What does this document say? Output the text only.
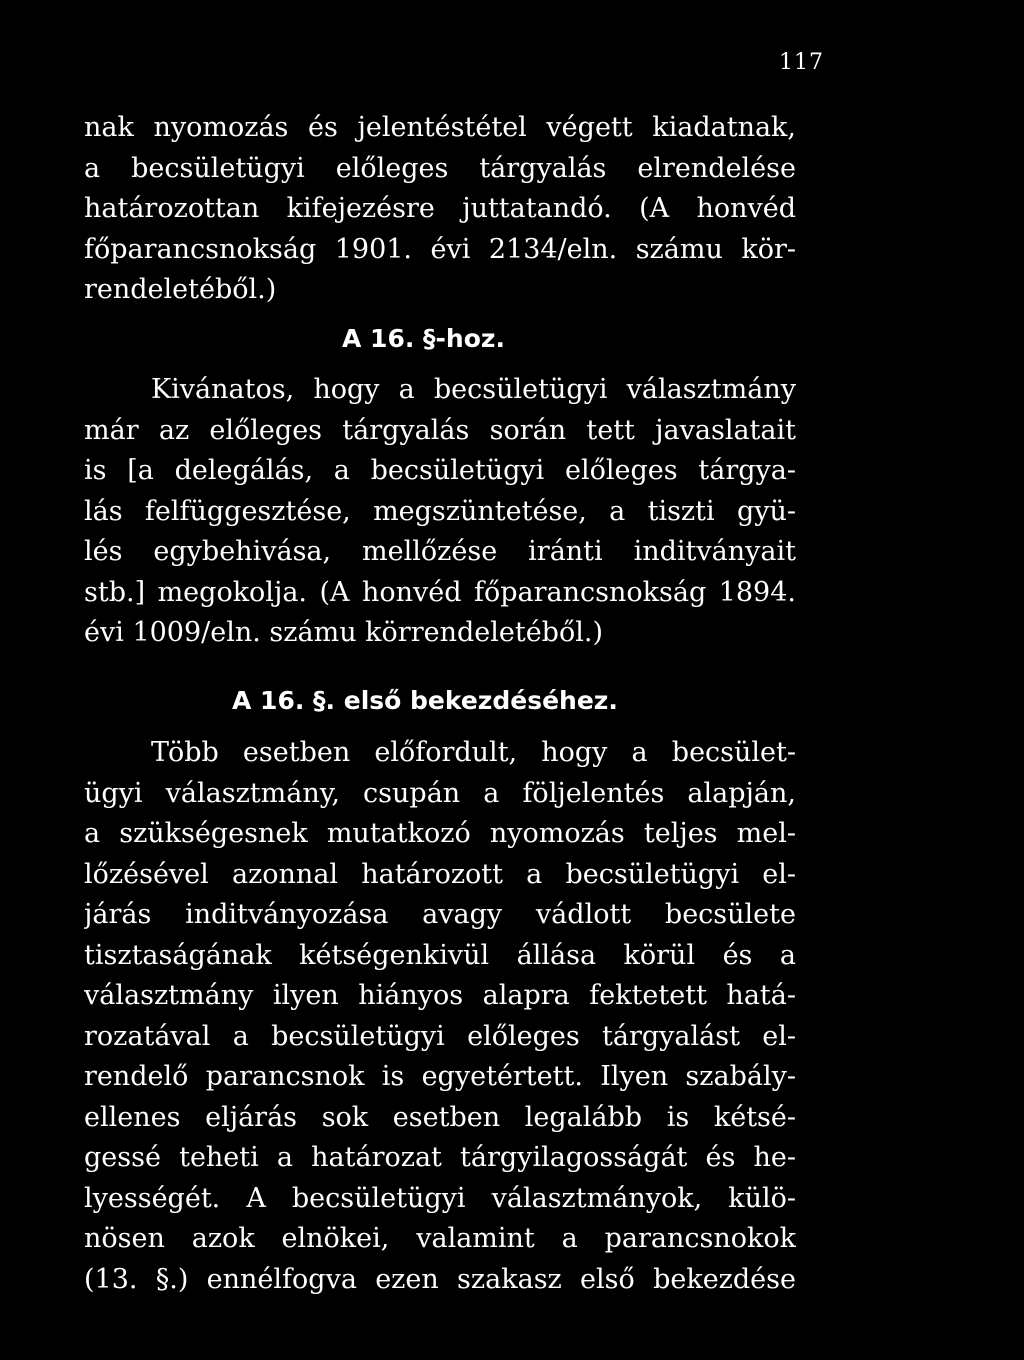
117
nak nyomozás és jelentéstétel végett kiadatnak,
a becsületügyi előleges tárgyalás elrendelése
határozottan kifejezésre juttatandó. (A honvéd
főparancsnokság 1901. évi 2134/eln. számu kör-
rendeletéből.)
A 16. §-hoz.
Kivánatos, hogy a becsületügyi választmány
már az előleges tárgyalás során tett javaslatait
is [a delegálás, a becsületügyi előleges tárgya-
lás felfüggesztése, megszüntetése, a tiszti gyü-
lés egybehivása, mellőzése iránti inditványait
stb.] megokolja. (A honvéd főparancsnokság 1894.
évi 1009/eln. számu körrendeletéből.)
A 16. §. első bekezdéséhez.
Több esetben előfordult, hogy a becsület-
ügyi választmány, csupán a följelentés alapján,
a szükségesnek mutatkozó nyomozás teljes mel-
lőzésével azonnal határozott a becsületügyi el-
járás inditványozása avagy vádlott becsülete
tisztaságának kétségenkivül állása körül és a
választmány ilyen hiányos alapra fektetett hatá-
rozatával a becsületügyi előleges tárgyalást el-
rendelő parancsnok is egyetértett. Ilyen szabály-
ellenes eljárás sok esetben legalább is kétsé-
gessé teheti a határozat tárgyilagosságát és he-
lyességét. A becsületügyi választmányok, külö-
nösen azok elnökei, valamint a parancsnokok
(13. §.) ennélfogva ezen szakasz első bekezdése
